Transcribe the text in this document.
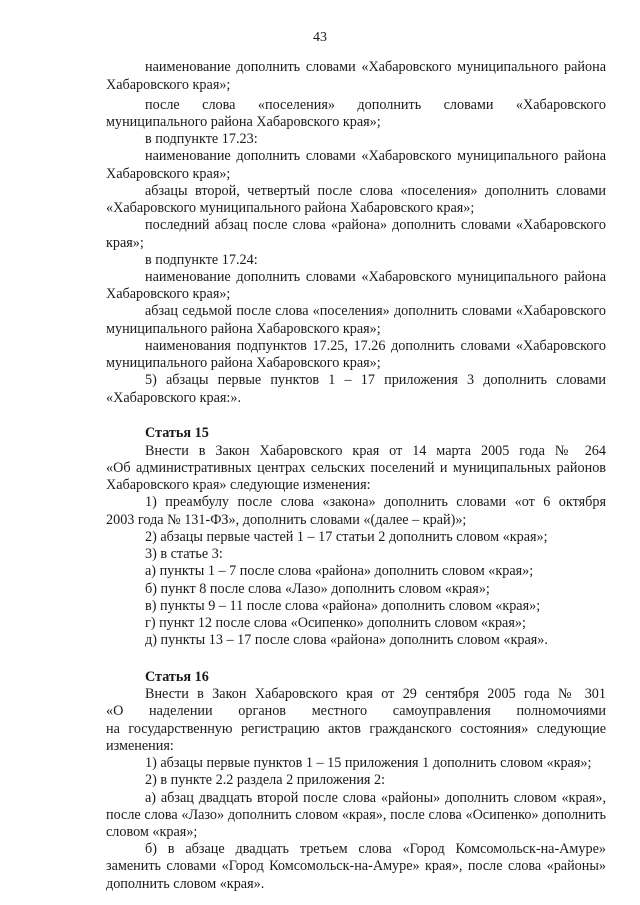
43
наименование дополнить словами «Хабаровского муниципального района
Хабаровского края»;
после слова «поселения» дополнить словами «Хабаровского
муниципального района Хабаровского края»;
в подпункте 17.23:
наименование дополнить словами «Хабаровского муниципального района
Хабаровского края»;
абзацы второй, четвертый после слова «поселения» дополнить словами
«Хабаровского муниципального района Хабаровского края»;
последний абзац после слова «района» дополнить словами «Хабаровского
края»;
в подпункте 17.24:
наименование дополнить словами «Хабаровского муниципального района
Хабаровского края»;
абзац седьмой после слова «поселения» дополнить словами «Хабаровского
муниципального района Хабаровского края»;
наименования подпунктов 17.25, 17.26 дополнить словами «Хабаровского
муниципального района Хабаровского края»;
5) абзацы первые пунктов 1 – 17 приложения 3 дополнить словами
«Хабаровского края:».
Статья 15
Внести в Закон Хабаровского края от 14 марта 2005 года № 264
«Об административных центрах сельских поселений и муниципальных районов
Хабаровского края» следующие изменения:
1) преамбулу после слова «закона» дополнить словами «от 6 октября
2003 года № 131-ФЗ», дополнить словами «(далее – край)»;
2) абзацы первые частей 1 – 17 статьи 2 дополнить словом «края»;
3) в статье 3:
а) пункты 1 – 7 после слова «района» дополнить словом «края»;
б) пункт 8 после слова «Лазо» дополнить словом «края»;
в) пункты 9 – 11 после слова «района» дополнить словом «края»;
г) пункт 12 после слова «Осипенко» дополнить словом «края»;
д) пункты 13 – 17 после слова «района» дополнить словом «края».
Статья 16
Внести в Закон Хабаровского края от 29 сентября 2005 года № 301
«О наделении органов местного самоуправления полномочиями
на государственную регистрацию актов гражданского состояния» следующие
изменения:
1) абзацы первые пунктов 1 – 15 приложения 1 дополнить словом «края»;
2) в пункте 2.2 раздела 2 приложения 2:
а) абзац двадцать второй после слова «районы» дополнить словом «края»,
после слова «Лазо» дополнить словом «края», после слова «Осипенко» дополнить
словом «края»;
б) в абзаце двадцать третьем слова «Город Комсомольск-на-Амуре»
заменить словами «Город Комсомольск-на-Амуре» края», после слова «районы»
дополнить словом «края».
